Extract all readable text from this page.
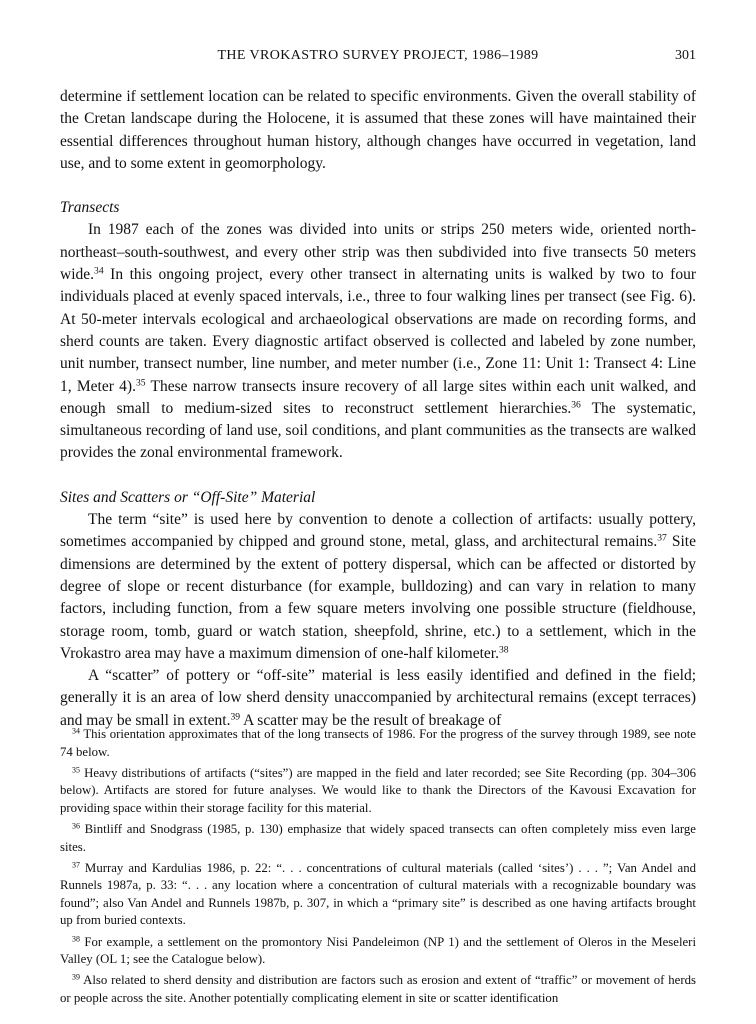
THE VROKASTRO SURVEY PROJECT, 1986–1989	301

determine if settlement location can be related to specific environments. Given the overall stability of the Cretan landscape during the Holocene, it is assumed that these zones will have maintained their essential differences throughout human history, although changes have occurred in vegetation, land use, and to some extent in geomorphology.

Transects

In 1987 each of the zones was divided into units or strips 250 meters wide, oriented north-northeast–south-southwest, and every other strip was then subdivided into five transects 50 meters wide.$^{34}$ In this ongoing project, every other transect in alternating units is walked by two to four individuals placed at evenly spaced intervals, i.e., three to four walking lines per transect (see Fig. 6). At 50-meter intervals ecological and archaeological observations are made on recording forms, and sherd counts are taken. Every diagnostic artifact observed is collected and labeled by zone number, unit number, transect number, line number, and meter number (i.e., Zone 11: Unit 1: Transect 4: Line 1, Meter 4).$^{35}$ These narrow transects insure recovery of all large sites within each unit walked, and enough small to medium-sized sites to reconstruct settlement hierarchies.$^{36}$ The systematic, simultaneous recording of land use, soil conditions, and plant communities as the transects are walked provides the zonal environmental framework.

Sites and Scatters or “Off-Site” Material

The term “site” is used here by convention to denote a collection of artifacts: usually pottery, sometimes accompanied by chipped and ground stone, metal, glass, and architectural remains.$^{37}$ Site dimensions are determined by the extent of pottery dispersal, which can be affected or distorted by degree of slope or recent disturbance (for example, bulldozing) and can vary in relation to many factors, including function, from a few square meters involving one possible structure (fieldhouse, storage room, tomb, guard or watch station, sheepfold, shrine, etc.) to a settlement, which in the Vrokastro area may have a maximum dimension of one-half kilometer.$^{38}$

A “scatter” of pottery or “off-site” material is less easily identified and defined in the field; generally it is an area of low sherd density unaccompanied by architectural remains (except terraces) and may be small in extent.$^{39}$ A scatter may be the result of breakage of

$^{34}$ This orientation approximates that of the long transects of 1986. For the progress of the survey through 1989, see note 74 below.

$^{35}$ Heavy distributions of artifacts (“sites”) are mapped in the field and later recorded; see Site Recording (pp. 304–306 below). Artifacts are stored for future analyses. We would like to thank the Directors of the Kavousi Excavation for providing space within their storage facility for this material.

$^{36}$ Bintliff and Snodgrass (1985, p. 130) emphasize that widely spaced transects can often completely miss even large sites.

$^{37}$ Murray and Kardulias 1986, p. 22: “. . . concentrations of cultural materials (called ‘sites’) . . . ”; Van Andel and Runnels 1987a, p. 33: “. . . any location where a concentration of cultural materials with a recognizable boundary was found”; also Van Andel and Runnels 1987b, p. 307, in which a “primary site” is described as one having artifacts brought up from buried contexts.

$^{38}$ For example, a settlement on the promontory Nisi Pandeleimon (NP 1) and the settlement of Oleros in the Meseleri Valley (OL 1; see the Catalogue below).

$^{39}$ Also related to sherd density and distribution are factors such as erosion and extent of “traffic” or movement of herds or people across the site. Another potentially complicating element in site or scatter identification
